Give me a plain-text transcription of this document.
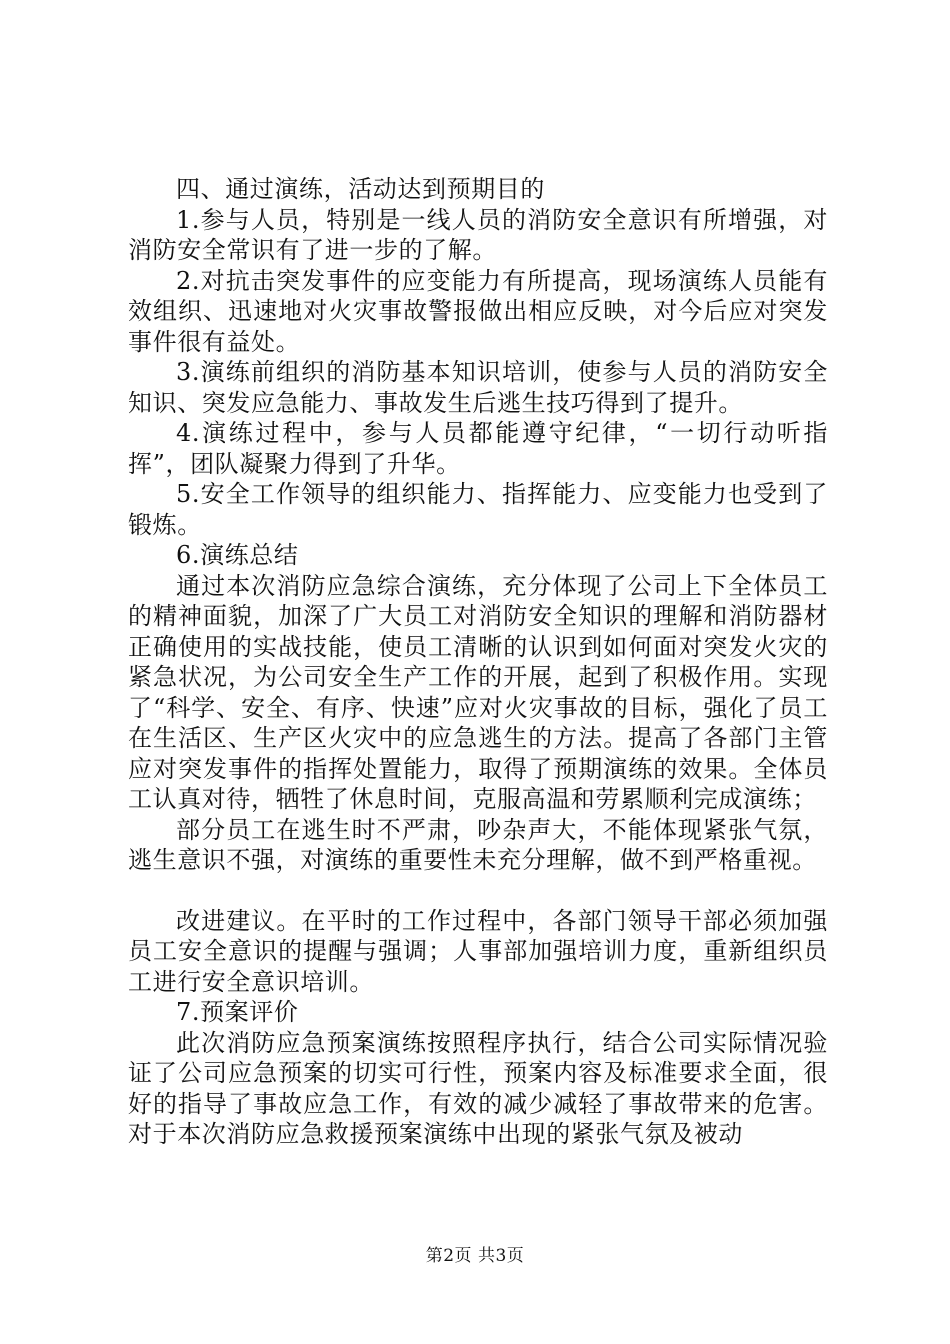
四、通过演练，活动达到预期目的

1.参与人员，特别是一线人员的消防安全意识有所增强，对消防安全常识有了进一步的了解。

2.对抗击突发事件的应变能力有所提高，现场演练人员能有效组织、迅速地对火灾事故警报做出相应反映，对今后应对突发事件很有益处。

3.演练前组织的消防基本知识培训，使参与人员的消防安全知识、突发应急能力、事故发生后逃生技巧得到了提升。

4.演练过程中，参与人员都能遵守纪律，“一切行动听指挥”，团队凝聚力得到了升华。

5.安全工作领导的组织能力、指挥能力、应变能力也受到了锻炼。

6.演练总结

通过本次消防应急综合演练，充分体现了公司上下全体员工的精神面貌，加深了广大员工对消防安全知识的理解和消防器材正确使用的实战技能，使员工清晰的认识到如何面对突发火灾的紧急状况，为公司安全生产工作的开展，起到了积极作用。实现了“科学、安全、有序、快速”应对火灾事故的目标，强化了员工在生活区、生产区火灾中的应急逃生的方法。提高了各部门主管应对突发事件的指挥处置能力，取得了预期演练的效果。全体员工认真对待，牺牲了休息时间，克服高温和劳累顺利完成演练；

部分员工在逃生时不严肃，吵杂声大，不能体现紧张气氛，逃生意识不强，对演练的重要性未充分理解，做不到严格重视。

改进建议。在平时的工作过程中，各部门领导干部必须加强员工安全意识的提醒与强调；人事部加强培训力度，重新组织员工进行安全意识培训。

7.预案评价

此次消防应急预案演练按照程序执行，结合公司实际情况验证了公司应急预案的切实可行性，预案内容及标准要求全面，很好的指导了事故应急工作，有效的减少减轻了事故带来的危害。对于本次消防应急救援预案演练中出现的紧张气氛及被动

第2页 共3页
